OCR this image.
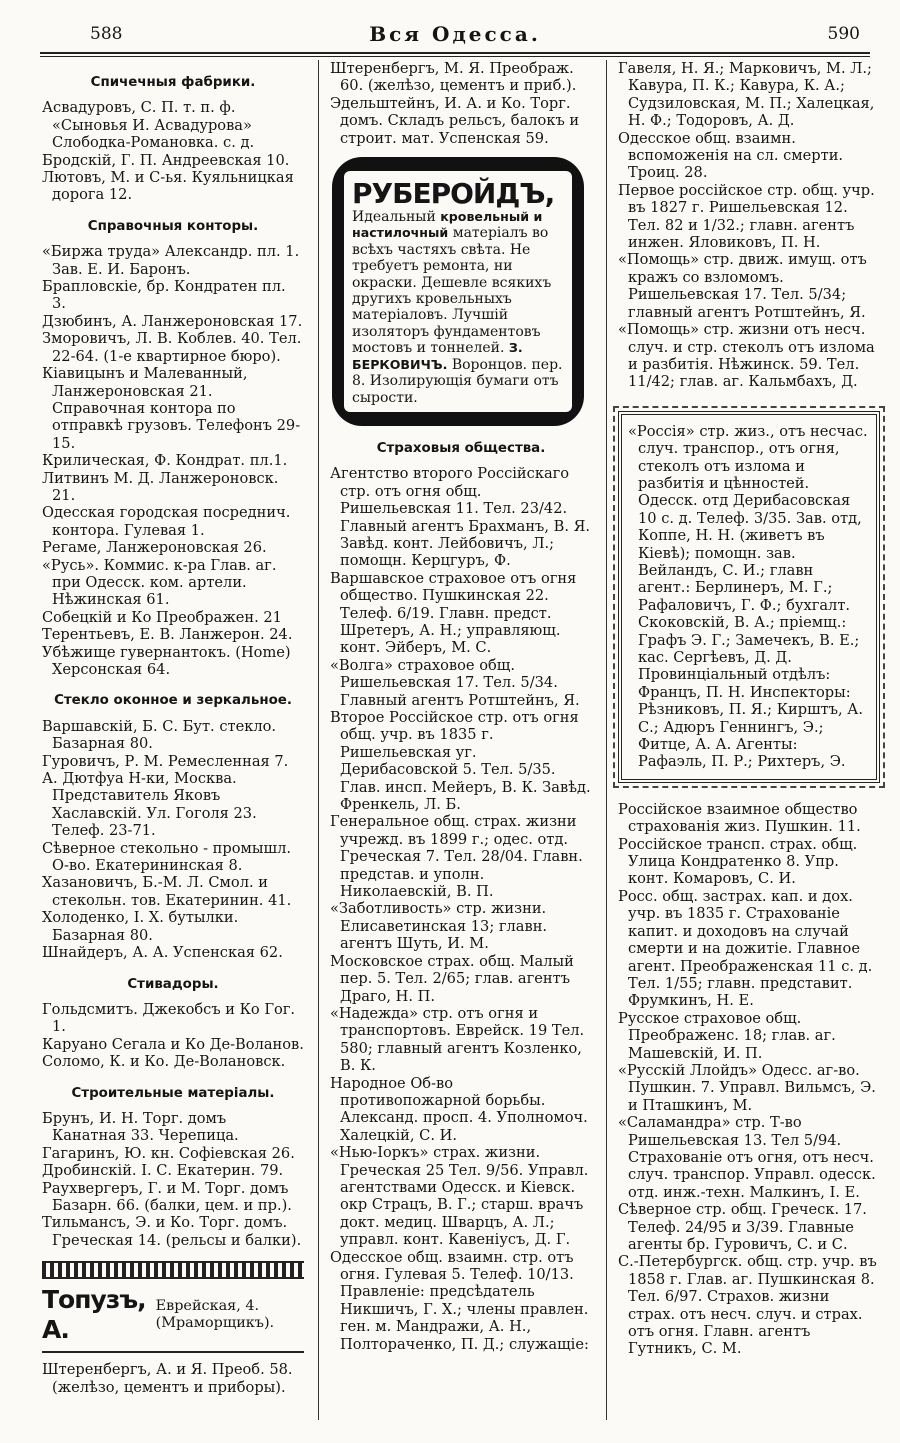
588	Вся Одесса.	590
Спичечныя фабрики.

Асвадуровъ, С. П. т. п. ф. «Сыновья И. Асвадурова» Слободка-Романовка. с. д.

Бродскій, Г. П. Андреевская 10.

Лютовъ, М. и С-ья. Куяльницкая дорога 12.

Справочныя конторы.

«Биржа труда» Александр. пл. 1. Зав. Е. И. Баронъ.

Брапловскіе, бр. Кондратен пл. 3.

Дзюбинъ, А. Ланжероновская 17.

Зморовичъ, Л. В. Коблев. 40. Тел. 22-64. (1-е квартирное бюро).

Кіавицынъ и Малеванный, Ланжероновская 21. Справочная контора по отправкѣ грузовъ. Телефонъ 29-15.

Крилическая, Ф. Кондрат. пл.1.

Литвинъ М. Д. Ланжероновск. 21.

Одесская городская посреднич. контора. Гулевая 1.

Регаме, Ланжероновская 26.

«Русь». Коммис. к-ра Глав. аг. при Одесск. ком. артели. Нѣжинская 61.

Собецкій и Ко Преображен. 21

Терентьевъ, Е. В. Ланжерон. 24.

Убѣжище гувернантокъ. (Home) Херсонская 64.

Стекло оконное и зеркальное.

Варшавскій, Б. С. Бут. стекло. Базарная 80.

Гуровичъ, Р. М. Ремесленная 7.

А. Дютфуа Н-ки, Москва. Представитель Яковъ Хаславскій. Ул. Гоголя 23. Телеф. 23-71.

Сѣверное стекольно - промышл. О-во. Екатерининская 8.

Хазановичъ, Б.-М. Л. Смол. и стекольн. тов. Екатеринин. 41.

Холоденко, І. Х. бутылки. Базарная 80.

Шнайдеръ, А. А. Успенская 62.

Стивадоры.

Гольдсмитъ. Джекобсъ и Ко Гог. 1.

Каруано Сегала и Ко Де-Воланов.

Соломо, К. и Ко. Де-Волановск.

Строительные матеріалы.

Брунъ, И. Н. Торг. домъ Канатная 33. Черепица.

Гагаринъ, Ю. кн. Софіевская 26.

Дробинскій. І. С. Екатерин. 79.

Раухвергеръ, Г. и М. Торг. домъ Базарн. 66. (балки, цем. и пр.).

Тильмансъ, Э. и Ко. Торг. домъ. Греческая 14. (рельсы и балки).

Топузъ, А.
Еврейская, 4. (Мраморщикъ).

Штеренбергъ, А. и Я. Преоб. 58. (желѣзо, цементъ и приборы).

Штеренбергъ, М. Я. Преображ. 60. (желѣзо, цементъ и приб.).

Эдельштейнъ, И. А. и Ко. Торг. домъ. Складъ рельсъ, балокъ и строит. мат. Успенская 59.

РУБЕРОЙДЪ,
Идеальный кровельный и настилочный матеріалъ во всѣхъ частяхъ свѣта. Не требуетъ ремонта, ни окраски. Дешевле всякихъ другихъ кровельныхъ матеріаловъ. Лучшій изоляторъ фундаментовъ мостовъ и тоннелей. З. БЕРКОВИЧЪ. Воронцов. пер. 8. Изолирующія бумаги отъ сырости.
Страховыя общества.

Агентство второго Россійскаго стр. отъ огня общ. Ришельевская 11. Тел. 23/42. Главный агентъ Брахманъ, В. Я. Завѣд. конт. Лейбовичъ, Л.; помощн. Керцгуръ, Ф.

Варшавское страховое отъ огня общество. Пушкинская 22. Телеф. 6/19. Главн. предст. Шретеръ, А. Н.; управляющ. конт. Эйберъ, М. С.

«Волга» страховое общ. Ришельевская 17. Тел. 5/34. Главный агентъ Ротштейнъ, Я.

Второе Россійское стр. отъ огня общ. учр. въ 1835 г. Ришельевская уг. Дерибасовской 5. Тел. 5/35. Глав. инсп. Мейеръ, В. К. Завѣд. Френкель, Л. Б.

Генеральное общ. страх. жизни учрежд. въ 1899 г.; одес. отд. Греческая 7. Тел. 28/04. Главн. представ. и уполн. Николаевскій, В. П.

«Заботливость» стр. жизни. Елисаветинская 13; главн. агентъ Шуть, И. М.

Московское страх. общ. Малый пер. 5. Тел. 2/65; глав. агентъ Драго, Н. П.

«Надежда» стр. отъ огня и транспортовъ. Еврейск. 19 Тел. 580; главный агентъ Козленко, В. К.

Народное Об-во противопожарной борьбы. Александ. просп. 4. Уполномоч. Халецкій, С. И.

«Нью-Іоркъ» страх. жизни. Греческая 25 Тел. 9/56. Управл. агентствами Одесск. и Кіевск. окр Страцъ, В. Г.; старш. врачъ докт. медиц. Шварцъ, А. Л.; управл. конт. Кавеніусъ, Д. Г.

Одесское общ. взаимн. стр. отъ огня. Гулевая 5. Телеф. 10/13. Правленіе: предсѣдатель Никшичъ, Г. Х.; члены правлен. ген. м. Мандражи, А. Н., Полтораченко, П. Д.; служащіе:

Гавеля, Н. Я.; Марковичъ, М. Л.; Кавура, П. К.; Кавура, К. А.; Судзиловская, М. П.; Халецкая, Н. Ф.; Тодоровъ, А. Д.

Одесское общ. взаимн. вспоможенія на сл. смерти. Троиц. 28.

Первое россійское стр. общ. учр. въ 1827 г. Ришельевская 12. Тел. 82 и 1/32.; главн. агентъ инжен. Яловиковъ, П. Н.

«Помощь» стр. движ. имущ. отъ кражъ со взломомъ. Ришельевская 17. Тел. 5/34; главный агентъ Ротштейнъ, Я.

«Помощь» стр. жизни отъ несч. случ. и стр. стеколъ отъ излома и разбитія. Нѣжинск. 59. Тел. 11/42; глав. аг. Кальмбахъ, Д.

«Россія» стр. жиз., отъ несчас. случ. транспор., отъ огня, стеколъ отъ излома и разбитія и цѣнностей. Одесск. отд Дерибасовская 10 с. д. Телеф. 3/35. Зав. отд, Коппе, Н. Н. (живетъ въ Кіевѣ); помощн. зав. Вейландъ, С. И.; главн агент.: Берлинеръ, М. Г.; Рафаловичъ, Г. Ф.; бухгалт. Скоковскій, В. А.; пріемщ.: Графъ Э. Г.; Замечекъ, В. Е.; кас. Сергѣевъ, Д. Д. Провинціальный отдѣлъ: Францъ, П. Н. Инспекторы: Рѣзниковъ, П. Я.; Кирштъ, А. С.; Адюръ Геннингъ, Э.; Фитце, А. А. Агенты: Рафаэль, П. Р.; Рихтеръ, Э.

Россійское взаимное общество страхованія жиз. Пушкин. 11.

Россійское трансп. страх. общ. Улица Кондратенко 8. Упр. конт. Комаровъ, С. И.

Росс. общ. застрах. кап. и дох. учр. въ 1835 г. Страхованіе капит. и доходовъ на случай смерти и на дожитіе. Главное агент. Преображенская 11 с. д. Тел. 1/55; главн. представит. Фрумкинъ, Н. Е.

Русское страховое общ. Преображенс. 18; глав. аг. Машевскій, И. П.

«Русскій Ллойдъ» Одесс. аг-во. Пушкин. 7. Управл. Вильмсъ, Э. и Пташкинъ, М.

«Саламандра» стр. Т-во Ришельевская 13. Тел 5/94. Страхованіе отъ огня, отъ несч. случ. транспор. Управл. одесск. отд. инж.-техн. Малкинъ, І. Е.

Сѣверное стр. общ. Греческ. 17. Телеф. 24/95 и 3/39. Главные агенты бр. Гуровичъ, С. и С.

С.-Петербургск. общ. стр. учр. въ 1858 г. Глав. аг. Пушкинская 8. Тел. 6/97. Страхов. жизни страх. отъ несч. случ. и страх. отъ огня. Главн. агентъ Гутникъ, С. М.
